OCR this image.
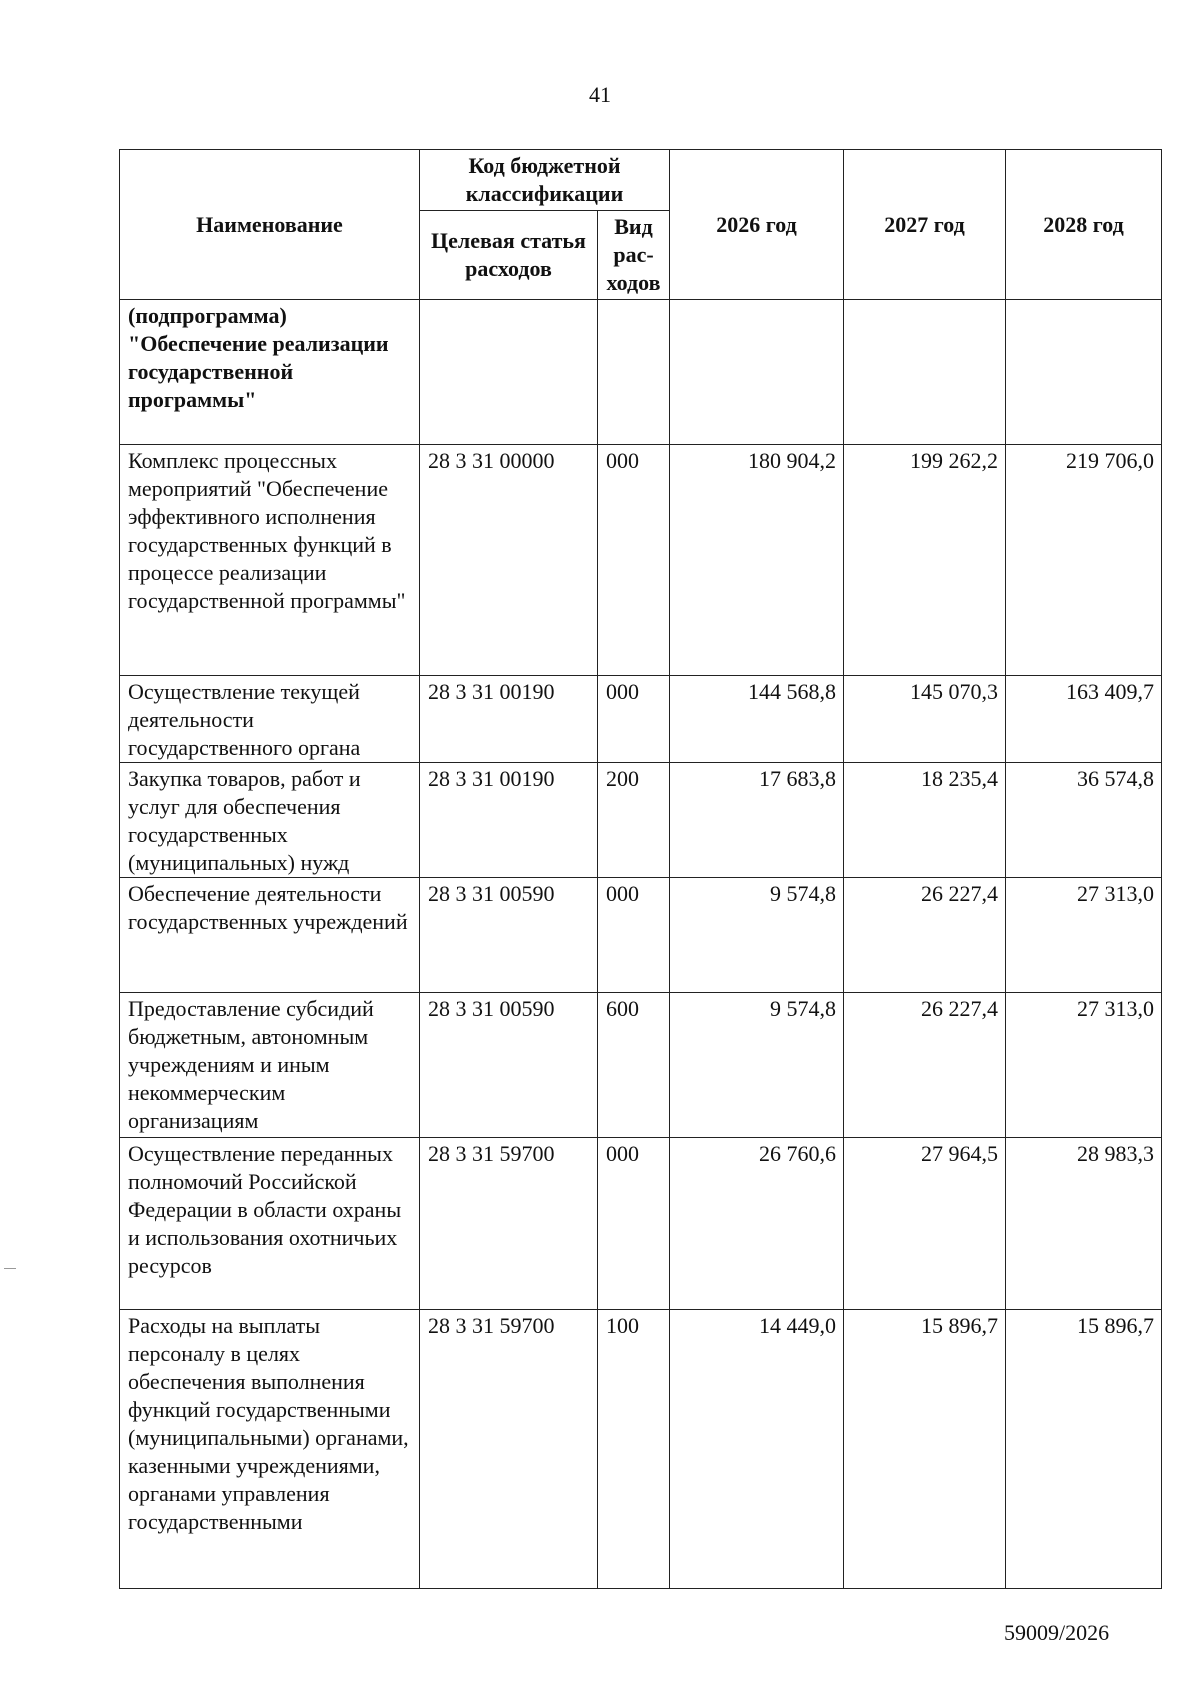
41
Наименование	Код бюджетной классификации		2026 год	2027 год	2028 год
	Целевая статья расходов	Вид рас- ходов			
(подпрограмма) "Обеспечение реализации государственной программы"					
Комплекс процессных мероприятий "Обеспечение эффективного исполнения государственных функций в процессе реализации государственной программы"	28 3 31 00000	000	180 904,2	199 262,2	219 706,0
Осуществление текущей деятельности государственного органа	28 3 31 00190	000	144 568,8	145 070,3	163 409,7
Закупка товаров, работ и услуг для обеспечения государственных (муниципальных) нужд	28 3 31 00190	200	17 683,8	18 235,4	36 574,8
Обеспечение деятельности государственных учреждений	28 3 31 00590	000	9 574,8	26 227,4	27 313,0
Предоставление субсидий бюджетным, автономным учреждениям и иным некоммерческим организациям	28 3 31 00590	600	9 574,8	26 227,4	27 313,0
Осуществление переданных полномочий Российской Федерации в области охраны и использования охотничьих ресурсов	28 3 31 59700	000	26 760,6	27 964,5	28 983,3
Расходы на выплаты персоналу в целях обеспечения выполнения функций государственными (муниципальными) органами, казенными учреждениями, органами управления государственными	28 3 31 59700	100	14 449,0	15 896,7	15 896,7
59009/2026
